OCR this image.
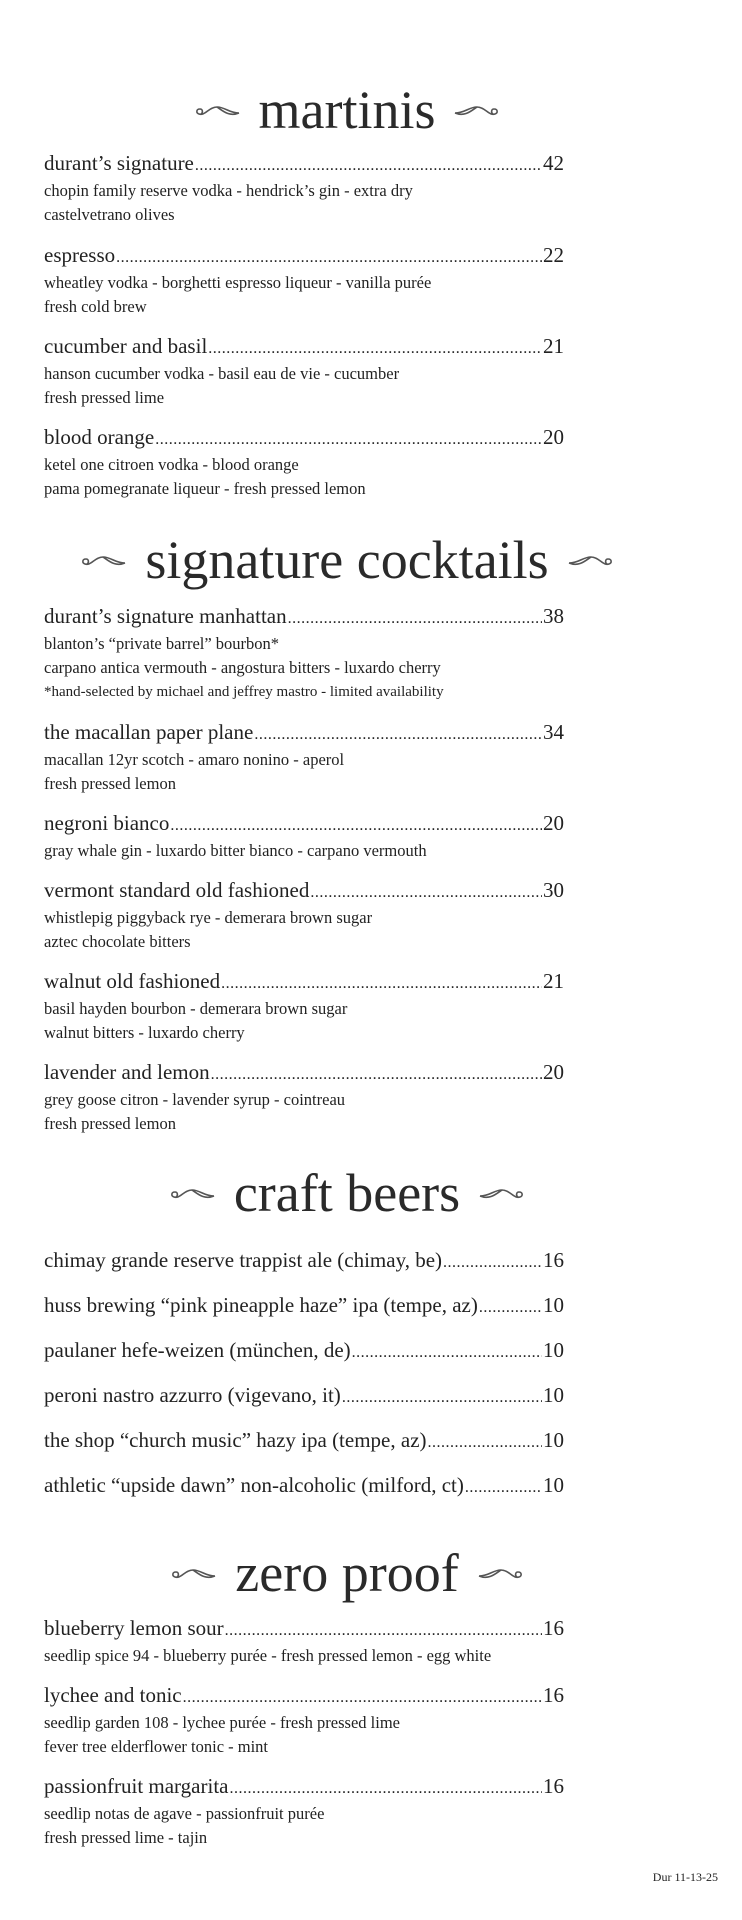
martinis
durant’s signature .....	42
chopin family reserve vodka - hendrick’s gin - extra dry
castelvetrano olives
espresso .....	22
wheatley vodka - borghetti espresso liqueur - vanilla purée
fresh cold brew
cucumber and basil .....	21
hanson cucumber vodka - basil eau de vie - cucumber
fresh pressed lime
blood orange .....	20
ketel one citroen vodka - blood orange
pama pomegranate liqueur - fresh pressed lemon
signature cocktails
durant’s signature manhattan .....	38
blanton’s “private barrel” bourbon*
carpano antica vermouth - angostura bitters - luxardo cherry
*hand-selected by michael and jeffrey mastro - limited availability
the macallan paper plane .....	34
macallan 12yr scotch - amaro nonino - aperol
fresh pressed lemon
negroni bianco .....	20
gray whale gin - luxardo bitter bianco - carpano vermouth
vermont standard old fashioned .....	30
whistlepig piggyback rye - demerara brown sugar
aztec chocolate bitters
walnut old fashioned .....	21
basil hayden bourbon - demerara brown sugar
walnut bitters - luxardo cherry
lavender and lemon .....	20
grey goose citron - lavender syrup - cointreau
fresh pressed lemon
craft beers
chimay grande reserve trappist ale (chimay, be) .....	16
huss brewing “pink pineapple haze” ipa (tempe, az) .....	10
paulaner hefe-weizen (münchen, de) .....	10
peroni nastro azzurro (vigevano, it) .....	10
the shop “church music” hazy ipa (tempe, az) .....	10
athletic “upside dawn” non-alcoholic (milford, ct) .....	10
zero proof
blueberry lemon sour .....	16
seedlip spice 94 - blueberry purée - fresh pressed lemon - egg white
lychee and tonic .....	16
seedlip garden 108 - lychee purée - fresh pressed lime
fever tree elderflower tonic - mint
passionfruit margarita .....	16
seedlip notas de agave - passionfruit purée
fresh pressed lime - tajin
Dur 11-13-25
